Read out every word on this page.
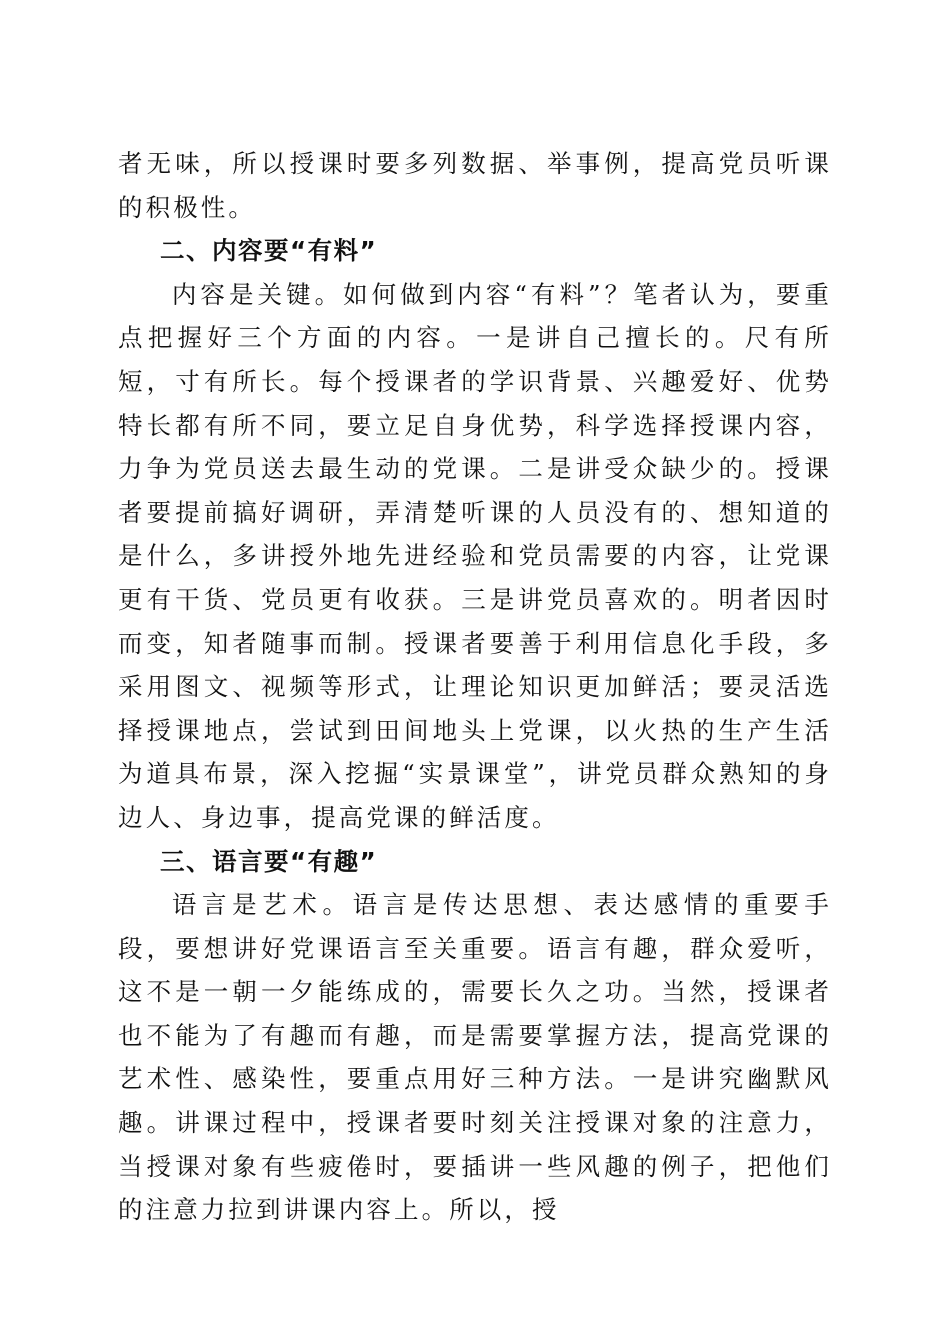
者无味，所以授课时要多列数据、举事例，提高党员听课的积极性。

二、内容要“有料”

内容是关键。如何做到内容“有料”？笔者认为，要重点把握好三个方面的内容。一是讲自己擅长的。尺有所短，寸有所长。每个授课者的学识背景、兴趣爱好、优势特长都有所不同，要立足自身优势，科学选择授课内容，力争为党员送去最生动的党课。二是讲受众缺少的。授课者要提前搞好调研，弄清楚听课的人员没有的、想知道的是什么，多讲授外地先进经验和党员需要的内容，让党课更有干货、党员更有收获。三是讲党员喜欢的。明者因时而变，知者随事而制。授课者要善于利用信息化手段，多采用图文、视频等形式，让理论知识更加鲜活；要灵活选择授课地点，尝试到田间地头上党课，以火热的生产生活为道具布景，深入挖掘“实景课堂”，讲党员群众熟知的身边人、身边事，提高党课的鲜活度。

三、语言要“有趣”

语言是艺术。语言是传达思想、表达感情的重要手段，要想讲好党课语言至关重要。语言有趣，群众爱听，这不是一朝一夕能练成的，需要长久之功。当然，授课者也不能为了有趣而有趣，而是需要掌握方法，提高党课的艺术性、感染性，要重点用好三种方法。一是讲究幽默风趣。讲课过程中，授课者要时刻关注授课对象的注意力，当授课对象有些疲倦时，要插讲一些风趣的例子，把他们的注意力拉到讲课内容上。所以，授
